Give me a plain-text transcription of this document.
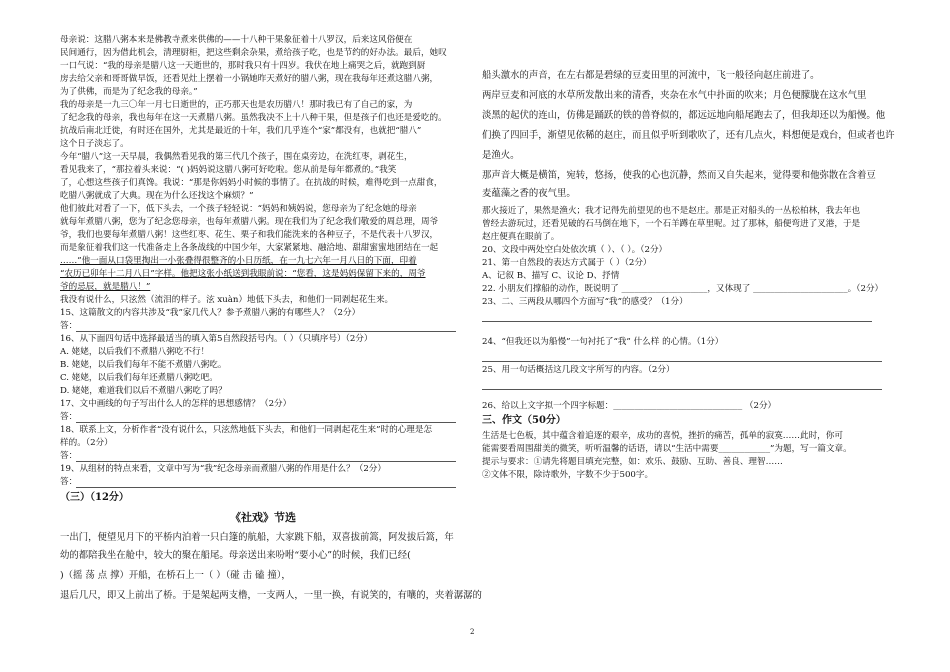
母亲说：这腊八粥本来是佛教寺煮来供佛的——十八种干果象征着十八罗汉，后来这风俗便在
民间通行，因为借此机会，清理厨柜，把这些剩余杂果，煮给孩子吃，也是节约的好办法。最后，她叹
一口气说：“我的母亲是腊八这一天逝世的，那时我只有十四岁。我伏在地上痛哭之后，就跑到厨
房去给父亲和哥哥做早饭，还看见灶上摆着一小锅她昨天煮好的腊八粥，现在我每年还煮这腊八粥，
为了供佛，而是为了纪念我的母亲。”
我的母亲是一九三〇年一月七日逝世的，正巧那天也是农历腊八！那时我已有了自己的家，为
了纪念我的母亲，我也每年在这一天煮腊八粥。虽然我决不上十八种干果，但是孩子们也还是爱吃的。
抗战后南北迁徙，有时还在国外，尤其是最近的十年，我们几乎连个“家”都没有，也就把“腊八”
这个日子淡忘了。
今年“腊八”这一天早晨，我偶然看见我的第三代几个孩子，围在桌旁边，在洗红枣，剥花生，
看见我来了，“那拉着头来说：“( )妈妈说这腊八粥可好吃啦。您从前是每年都煮的。”我笑
了，心想这些孩子们真馋。我说：“那是你妈妈小时候的事情了。在抗战的时候，难得吃到一点甜食，
吃腊八粥就成了大典。现在为什么还找这个麻烦？”
他们彼此对看了一下，低下头去，一个孩子轻轻说：“妈妈和姨妈说，您母亲为了纪念她的母亲
就每年煮腊八粥，您为了纪念您母亲，也每年煮腊八粥。现在我们为了纪念我们敬爱的周总理，周爷
爷，我们也要每年煮腊八粥！这些红枣、花生、栗子和我们能洗来的各种豆子，不是代表十八罗汉，
而是象征着我们这一代准备走上各条战线的中国少年，大家紧紧地、融洽地、甜甜蜜蜜地团结在一起
……”他一面从口袋里掏出一小张叠得很整齐的小日历纸，在一九七六年一月八日的下面，印着
“农历已卯年十二月八日”字样。他把这张小纸送到我眼前说：“您看，这是妈妈保留下来的，周爷
爷的忌辰，就是腊八！”
我没有说什么，只泫然（流泪的样子。泫 xuàn）地低下头去，和他们一同剥起花生来。
15、这篇散文的内容共涉及“我”家几代人？参予煮腊八粥的有哪些人？（2分）
答：
16、从下面四句话中选择最适当的填入第5自然段括号内。（ ）（只填序号）（2分）
A. 姥姥，以后我们不煮腊八粥吃不行！
B. 姥姥，以后我们每年不能不煮腊八粥吃。
C. 姥姥，以后我们每年还煮腊八粥吃吧。
D. 姥姥，难道我们以后不煮腊八粥吃了吗？
17、文中画线的句子写出什么人的怎样的思想感情？（2分）
答：
18、联系上文，分析作者“没有说什么，只泫然地低下头去，和他们一同剥起花生来”时的心理是怎
样的。（2分）
答：
19、从组材的特点来看，文章中写为“我”纪念母亲而煮腊八粥的作用是什么？（2分）
答：
（三）（12分）
《社戏》节选
一出门，便望见月下的平桥内泊着一只白篷的航船，大家跳下船，双喜拔前篙，阿发拔后篙，年
幼的都陪我坐在舱中，较大的聚在船尾。母亲送出来吩咐“要小心”的时候，我们已经(
)（摇 荡 点 撑）开船，在桥石上一（ ）（碰 击 磕 撞），
退后几尺，即又上前出了桥。于是架起两支橹，一支两人，一里一换，有说笑的，有嚷的，夹着潺潺的
船头激水的声音，在左右都是碧绿的豆麦田里的河流中，飞一般径向赵庄前进了。
两岸豆麦和河底的水草所发散出来的清香，夹杂在水气中扑面的吹来；月色便朦胧在这水气里
淡黑的起伏的连山，仿佛是踊跃的铁的兽脊似的，都远远地向船尾跑去了，但我却还以为船慢。他
们换了四回手，渐望见依稀的赵庄，而且似乎听到歌吹了，还有几点火，料想便是戏台，但或者也许
是渔火。
那声音大概是横笛，宛转，悠扬，使我的心也沉静，然而又自失起来，觉得要和他弥散在含着豆
麦蕴藻之香的夜气里。
那火接近了，果然是渔火；我才记得先前望见的也不是赵庄。那是正对船头的一丛松柏林，我去年也
曾经去游玩过，还看见破的石马倒在地下，一个石羊蹲在草里呢。过了那林，船便弯进了叉港，于是
赵庄便真在眼前了。
20、文段中两处空白处依次填（ ）、（ ）。（2分）
21、第一自然段的表达方式属于（ ）（2分）
A、记叙 B、描写 C、议论 D、抒情
22. 小朋友们撑船的动作，既说明了 ____________________，又体现了 ______________________。（2分）
23、二、三两段从哪四个方面写“我”的感受？（1分）
24、“但我还以为船慢”一句衬托了“我” 什么样 的心情。（1分）
25、用一句话概括这几段文字所写的内容。（2分）
26、给以上文字拟一个四字标题：______________________________ （2分）
三、作文（50分）
生活是七色板，其中蕴含着追逐的艰辛，成功的喜悦，挫折的痛苦，孤单的寂寞……此时，你可
能需要看周围甜美的微笑，听听温馨的话语，请以“生活中需要____________”为题，写一篇文章。
提示与要求：①请先将题目填充完整，如：欢乐、鼓励、互助、善良、理智……
②文体不限，除诗歌外，字数不少于500字。
2
